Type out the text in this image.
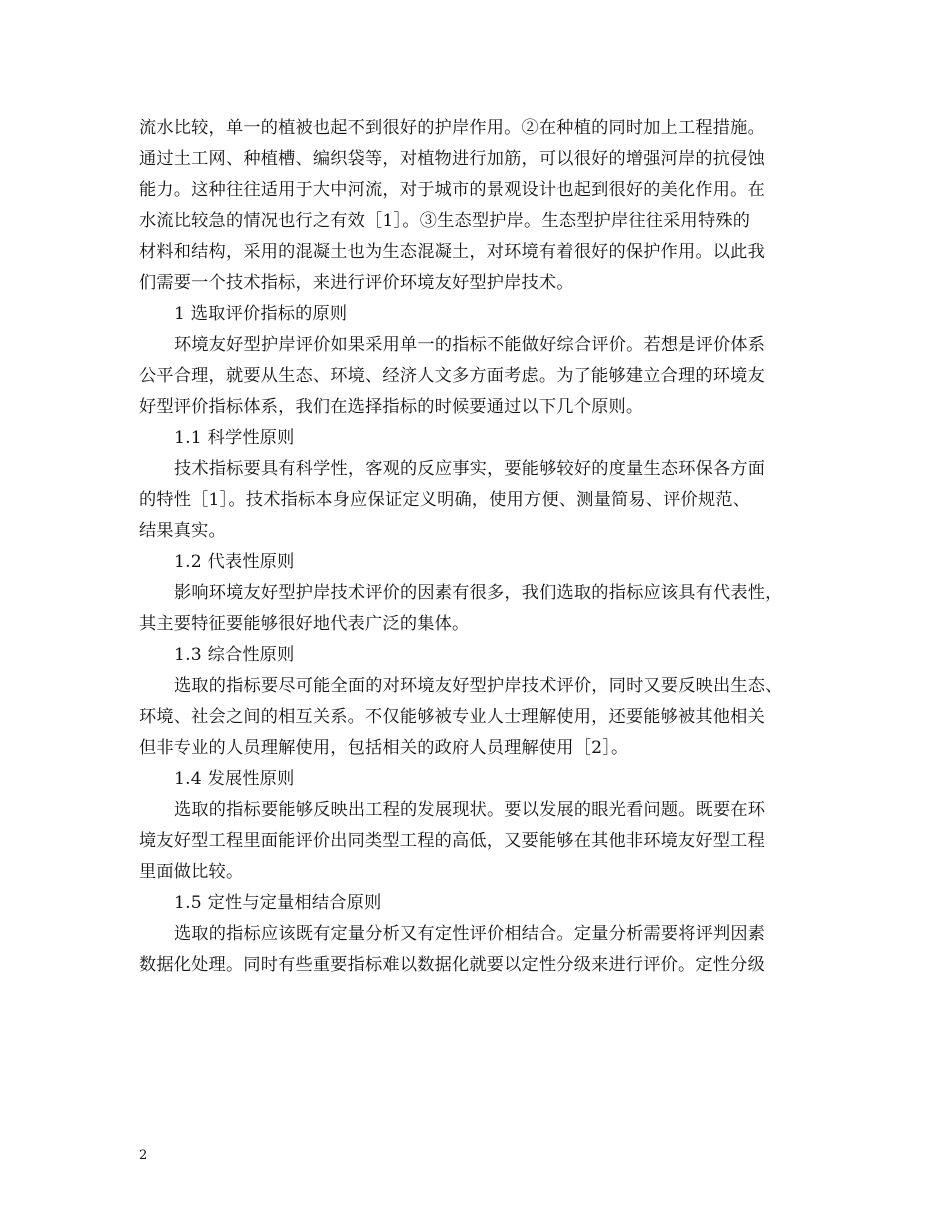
流水比较，单一的植被也起不到很好的护岸作用。②在种植的同时加上工程措施。
通过土工网、种植槽、编织袋等，对植物进行加筋，可以很好的增强河岸的抗侵蚀
能力。这种往往适用于大中河流，对于城市的景观设计也起到很好的美化作用。在
水流比较急的情况也行之有效［1］。③生态型护岸。生态型护岸往往采用特殊的
材料和结构，采用的混凝土也为生态混凝土，对环境有着很好的保护作用。以此我
们需要一个技术指标，来进行评价环境友好型护岸技术。
1 选取评价指标的原则
环境友好型护岸评价如果采用单一的指标不能做好综合评价。若想是评价体系
公平合理，就要从生态、环境、经济人文多方面考虑。为了能够建立合理的环境友
好型评价指标体系，我们在选择指标的时候要通过以下几个原则。
1.1 科学性原则
技术指标要具有科学性，客观的反应事实，要能够较好的度量生态环保各方面
的特性［1］。技术指标本身应保证定义明确，使用方便、测量简易、评价规范、
结果真实。
1.2 代表性原则
影响环境友好型护岸技术评价的因素有很多，我们选取的指标应该具有代表性，
其主要特征要能够很好地代表广泛的集体。
1.3 综合性原则
选取的指标要尽可能全面的对环境友好型护岸技术评价，同时又要反映出生态、
环境、社会之间的相互关系。不仅能够被专业人士理解使用，还要能够被其他相关
但非专业的人员理解使用，包括相关的政府人员理解使用［2］。
1.4 发展性原则
选取的指标要能够反映出工程的发展现状。要以发展的眼光看问题。既要在环
境友好型工程里面能评价出同类型工程的高低，又要能够在其他非环境友好型工程
里面做比较。
1.5 定性与定量相结合原则
选取的指标应该既有定量分析又有定性评价相结合。定量分析需要将评判因素
数据化处理。同时有些重要指标难以数据化就要以定性分级来进行评价。定性分级
2
